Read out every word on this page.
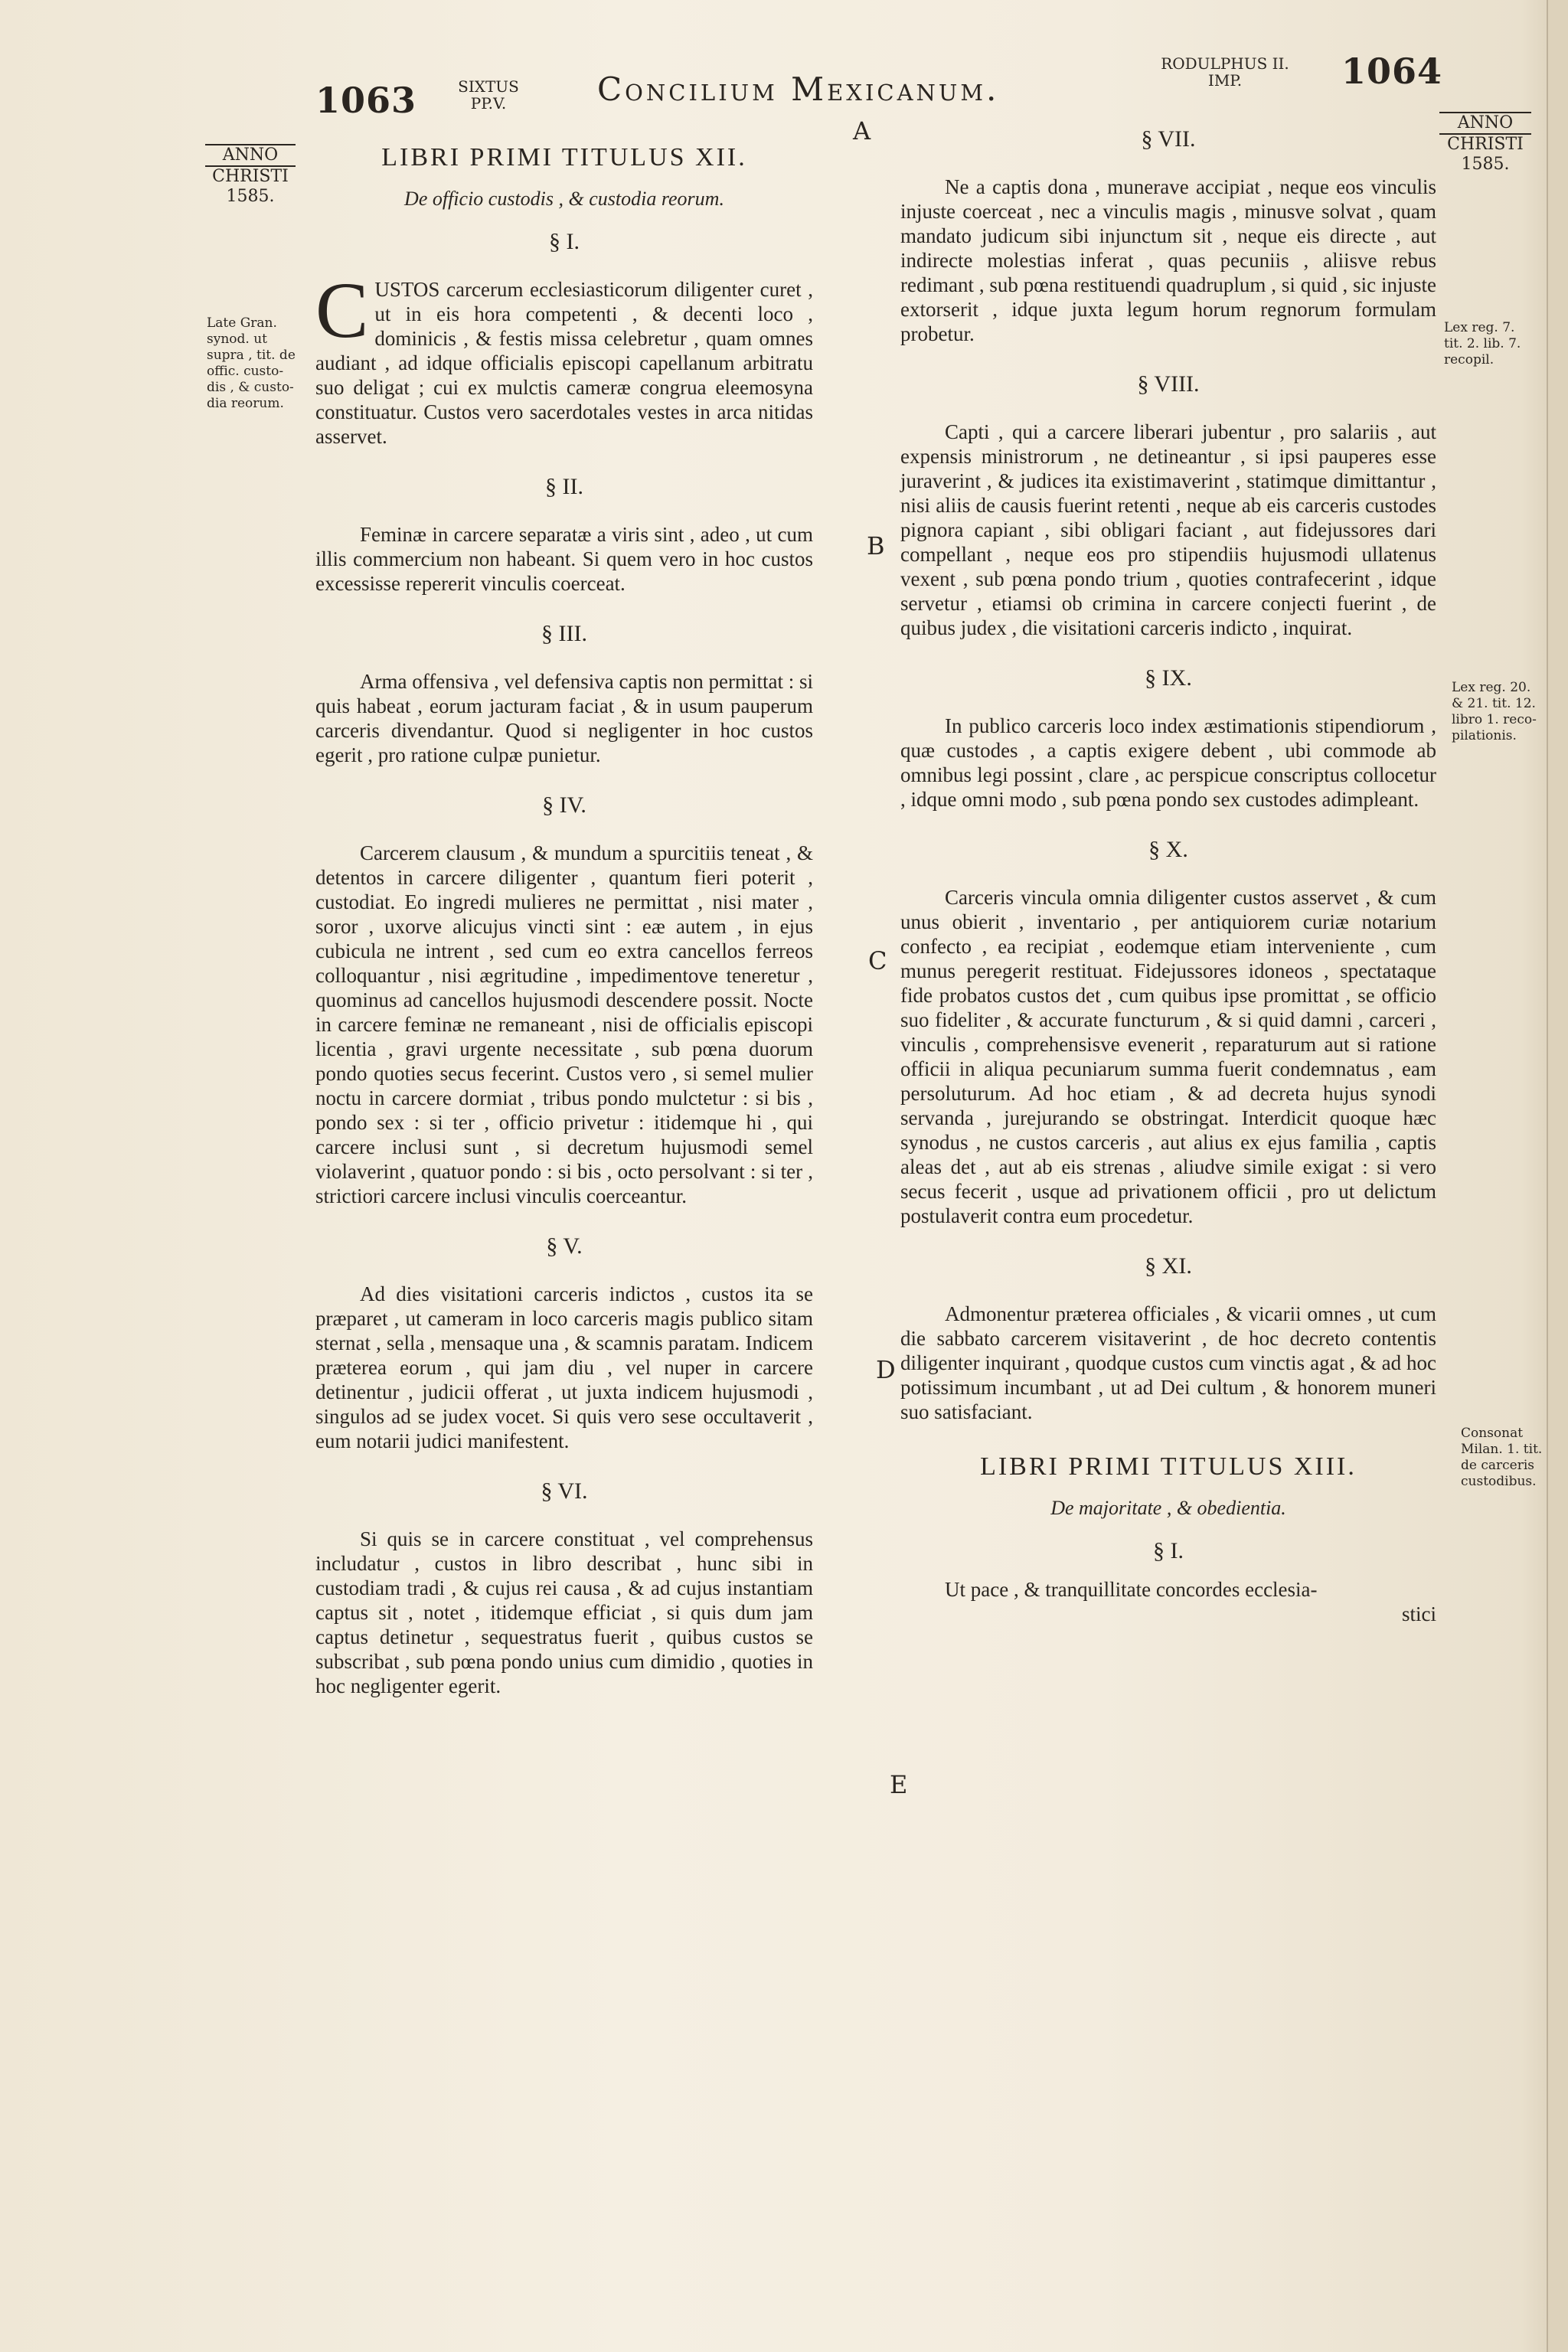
1063	SIXTUS
PP.V.	Concilium Mexicanum.
RODULPHUS II.
IMP.	1064
ANNO
CHRISTI
1585.
ANNO
CHRISTI
1585.
A
B
C
D
E
Late Gran.
synod. ut
supra , tit. de
offic. custo-
dis , & custo-
dia reorum.
Lex reg. 7.
tit. 2. lib. 7.
recopil.
Lex reg. 20.
& 21. tit. 12.
libro 1. reco-
pilationis.
Consonat
Milan. 1. tit.
de carceris
custodibus.
LIBRI PRIMI TITULUS XII.
De officio custodis , & custodia reorum.
§ I.

CUSTOS carcerum ecclesiasticorum diligenter curet , ut in eis hora competenti , & decenti loco , dominicis , & festis missa celebretur , quam omnes audiant , ad idque officialis episcopi capellanum arbitratu suo deligat ; cui ex mulctis cameræ congrua eleemosyna constituatur. Custos vero sacerdotales vestes in arca nitidas asservet.

§ II.

Feminæ in carcere separatæ a viris sint , adeo , ut cum illis commercium non habeant. Si quem vero in hoc custos excessisse repererit vinculis coerceat.

§ III.

Arma offensiva , vel defensiva captis non permittat : si quis habeat , eorum jacturam faciat , & in usum pauperum carceris divendantur. Quod si negligenter in hoc custos egerit , pro ratione culpæ punietur.

§ IV.

Carcerem clausum , & mundum a spurcitiis teneat , & detentos in carcere diligenter , quantum fieri poterit , custodiat. Eo ingredi mulieres ne permittat , nisi mater , soror , uxorve alicujus vincti sint : eæ autem , in ejus cubicula ne intrent , sed cum eo extra cancellos ferreos colloquantur , nisi ægritudine , impedimentove teneretur , quominus ad cancellos hujusmodi descendere possit. Nocte in carcere feminæ ne remaneant , nisi de officialis episcopi licentia , gravi urgente necessitate , sub pœna duorum pondo quoties secus fecerint. Custos vero , si semel mulier noctu in carcere dormiat , tribus pondo mulctetur : si bis , pondo sex : si ter , officio privetur : itidemque hi , qui carcere inclusi sunt , si decretum hujusmodi semel violaverint , quatuor pondo : si bis , octo persolvant : si ter , strictiori carcere inclusi vinculis coerceantur.

§ V.

Ad dies visitationi carceris indictos , custos ita se præparet , ut cameram in loco carceris magis publico sitam sternat , sella , mensaque una , & scamnis paratam. Indicem præterea eorum , qui jam diu , vel nuper in carcere detinentur , judicii offerat , ut juxta indicem hujusmodi , singulos ad se judex vocet. Si quis vero sese occultaverit , eum notarii judici manifestent.

§ VI.

Si quis se in carcere constituat , vel comprehensus includatur , custos in libro describat , hunc sibi in custodiam tradi , & cujus rei causa , & ad cujus instantiam captus sit , notet , itidemque efficiat , si quis dum jam captus detinetur , sequestratus fuerit , quibus custos se subscribat , sub pœna pondo unius cum dimidio , quoties in hoc negligenter egerit.

§ VII.

Ne a captis dona , munerave accipiat , neque eos vinculis injuste coerceat , nec a vinculis magis , minusve solvat , quam mandato judicum sibi injunctum sit , neque eis directe , aut indirecte molestias inferat , quas pecuniis , aliisve rebus redimant , sub pœna restituendi quadruplum , si quid , sic injuste extorserit , idque juxta legum horum regnorum formulam probetur.

§ VIII.

Capti , qui a carcere liberari jubentur , pro salariis , aut expensis ministrorum , ne detineantur , si ipsi pauperes esse juraverint , & judices ita existimaverint , statimque dimittantur , nisi aliis de causis fuerint retenti , neque ab eis carceris custodes pignora capiant , sibi obligari faciant , aut fidejussores dari compellant , neque eos pro stipendiis hujusmodi ullatenus vexent , sub pœna pondo trium , quoties contrafecerint , idque servetur , etiamsi ob crimina in carcere conjecti fuerint , de quibus judex , die visitationi carceris indicto , inquirat.

§ IX.

In publico carceris loco index æstimationis stipendiorum , quæ custodes , a captis exigere debent , ubi commode ab omnibus legi possint , clare , ac perspicue conscriptus collocetur , idque omni modo , sub pœna pondo sex custodes adimpleant.

§ X.

Carceris vincula omnia diligenter custos asservet , & cum unus obierit , inventario , per antiquiorem curiæ notarium confecto , ea recipiat , eodemque etiam interveniente , cum munus peregerit restituat. Fidejussores idoneos , spectataque fide probatos custos det , cum quibus ipse promittat , se officio suo fideliter , & accurate functurum , & si quid damni , carceri , vinculis , comprehensisve evenerit , reparaturum aut si ratione officii in aliqua pecuniarum summa fuerit condemnatus , eam persoluturum. Ad hoc etiam , & ad decreta hujus synodi servanda , jurejurando se obstringat. Interdicit quoque hæc synodus , ne custos carceris , aut alius ex ejus familia , captis aleas det , aut ab eis strenas , aliudve simile exigat : si vero secus fecerit , usque ad privationem officii , pro ut delictum postulaverit contra eum procedetur.

§ XI.

Admonentur præterea officiales , & vicarii omnes , ut cum die sabbato carcerem visitaverint , de hoc decreto contentis diligenter inquirant , quodque custos cum vinctis agat , & ad hoc potissimum incumbant , ut ad Dei cultum , & honorem muneri suo satisfaciant.

LIBRI PRIMI TITULUS XIII.
De majoritate , & obedientia.
§ I.

Ut pace , & tranquillitate concordes ecclesia-

stici
